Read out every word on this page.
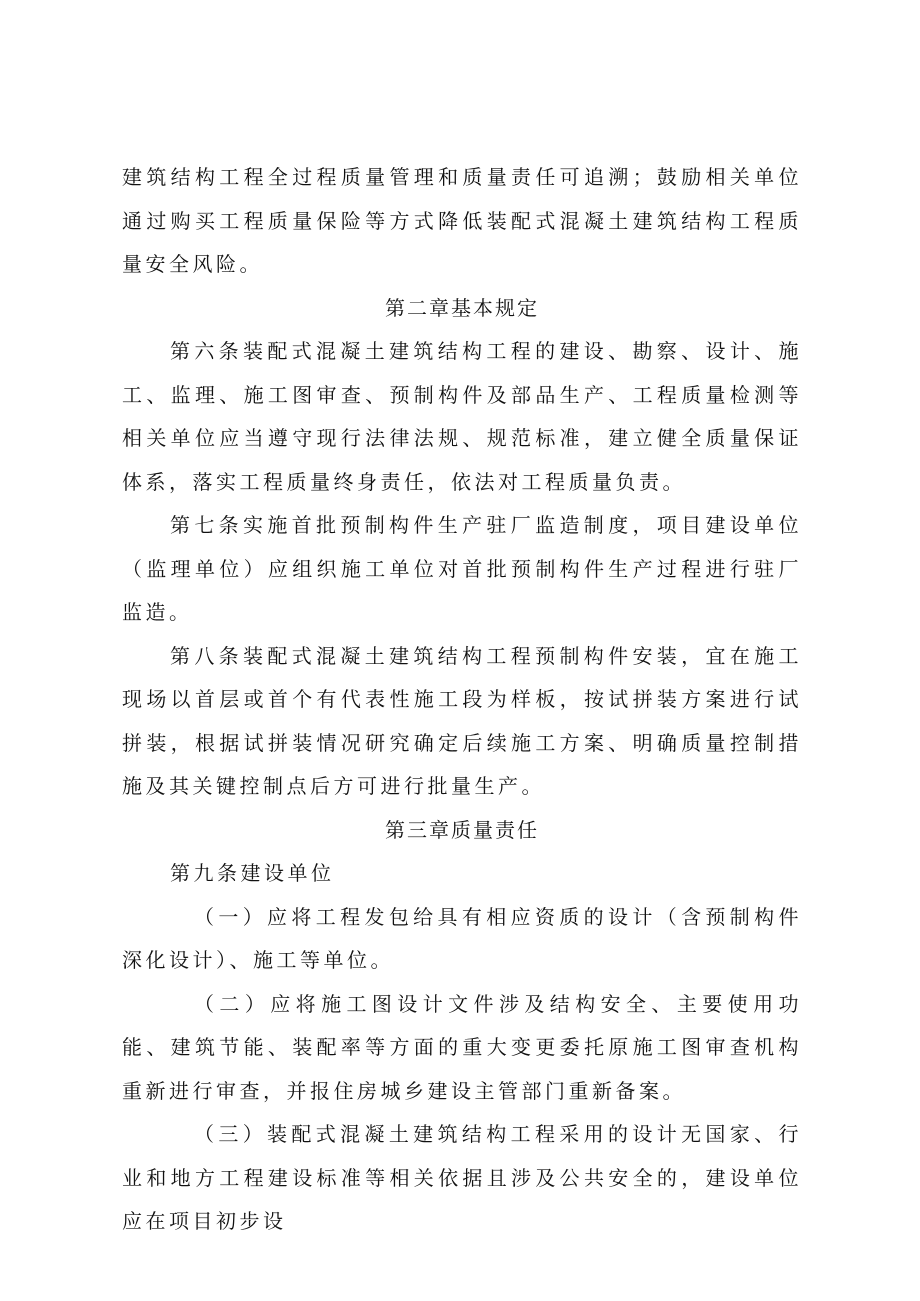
建筑结构工程全过程质量管理和质量责任可追溯；鼓励相关单位通过购买工程质量保险等方式降低装配式混凝土建筑结构工程质量安全风险。

第二章基本规定

第六条装配式混凝土建筑结构工程的建设、勘察、设计、施工、监理、施工图审查、预制构件及部品生产、工程质量检测等相关单位应当遵守现行法律法规、规范标准，建立健全质量保证体系，落实工程质量终身责任，依法对工程质量负责。

第七条实施首批预制构件生产驻厂监造制度，项目建设单位（监理单位）应组织施工单位对首批预制构件生产过程进行驻厂监造。

第八条装配式混凝土建筑结构工程预制构件安装，宜在施工现场以首层或首个有代表性施工段为样板，按试拼装方案进行试拼装，根据试拼装情况研究确定后续施工方案、明确质量控制措施及其关键控制点后方可进行批量生产。

第三章质量责任

第九条建设单位

（一）应将工程发包给具有相应资质的设计（含预制构件深化设计）、施工等单位。

（二）应将施工图设计文件涉及结构安全、主要使用功能、建筑节能、装配率等方面的重大变更委托原施工图审查机构重新进行审查，并报住房城乡建设主管部门重新备案。

（三）装配式混凝土建筑结构工程采用的设计无国家、行业和地方工程建设标准等相关依据且涉及公共安全的，建设单位应在项目初步设
